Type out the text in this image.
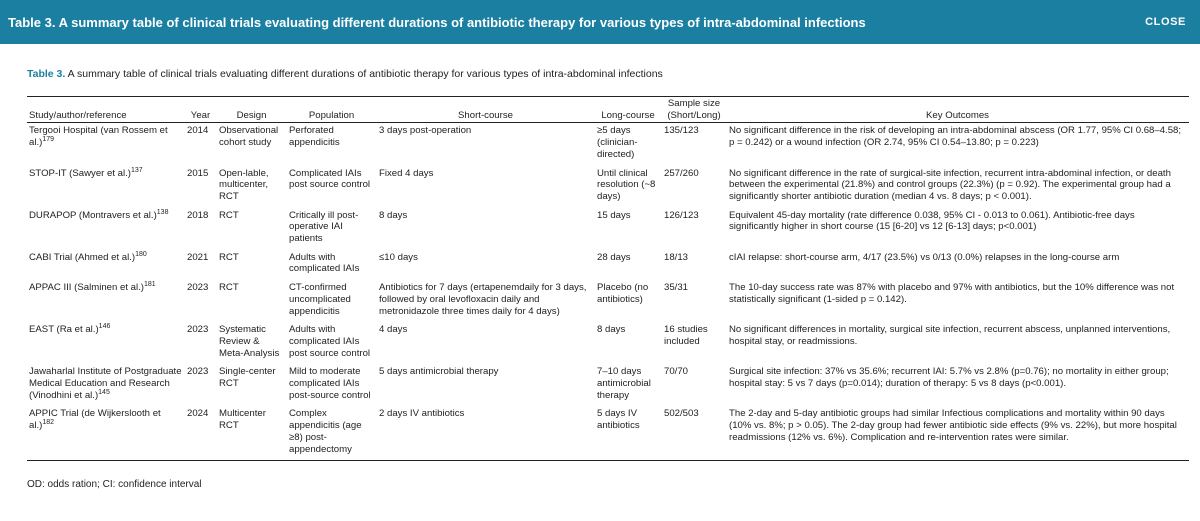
Table 3. A summary table of clinical trials evaluating different durations of antibiotic therapy for various types of intra-abdominal infections	CLOSE

Table 3. A summary table of clinical trials evaluating different durations of antibiotic therapy for various types of intra-abdominal infections

Study/author/reference	Year	Design	Population	Short-course	Long-course	Sample size (Short/Long)	Key Outcomes
Tergooi Hospital (van Rossem et al.)$^{179}$	2014	Observational cohort study	Perforated appendicitis	3 days post-operation	≥5 days (clinician-directed)	135/123	No significant difference in the risk of developing an intra-abdominal abscess (OR 1.77, 95% CI 0.68–4.58; p = 0.242) or a wound infection (OR 2.74, 95% CI 0.54–13.80; p = 0.223)
STOP-IT (Sawyer et al.)$^{137}$	2015	Open-lable, multicenter, RCT	Complicated IAIs post source control	Fixed 4 days	Until clinical resolution (~8 days)	257/260	No significant difference in the rate of surgical-site infection, recurrent intra-abdominal infection, or death between the experimental (21.8%) and control groups (22.3%) (p = 0.92). The experimental group had a significantly shorter antibiotic duration (median 4 vs. 8 days; p < 0.001).
DURAPOP (Montravers et al.)$^{138}$	2018	RCT	Critically ill post-operative IAI patients	8 days	15 days	126/123	Equivalent 45-day mortality (rate difference 0.038, 95% CI - 0.013 to 0.061). Antibiotic-free days significantly higher in short course (15 [6-20] vs 12 [6-13] days; p<0.001)
CABI Trial (Ahmed et al.)$^{180}$	2021	RCT	Adults with complicated IAIs	≤10 days	28 days	18/13	cIAI relapse: short-course arm, 4/17 (23.5%) vs 0/13 (0.0%) relapses in the long-course arm
APPAC III (Salminen et al.)$^{181}$	2023	RCT	CT-confirmed uncomplicated appendicitis	Antibiotics for 7 days (ertapenemdaily for 3 days, followed by oral levofloxacin daily and metronidazole three times daily for 4 days)	Placebo (no antibiotics)	35/31	The 10-day success rate was 87% with placebo and 97% with antibiotics, but the 10% difference was not statistically significant (1-sided p = 0.142).
EAST (Ra et al.)$^{146}$	2023	Systematic Review & Meta-Analysis	Adults with complicated IAIs post source control	4 days	8 days	16 studies included	No significant differences in mortality, surgical site infection, recurrent abscess, unplanned interventions, hospital stay, or readmissions.
Jawaharlal Institute of Postgraduate Medical Education and Research (Vinodhini et al.)$^{145}$	2023	Single-center RCT	Mild to moderate complicated IAIs post-source control	5 days antimicrobial therapy	7–10 days antimicrobial therapy	70/70	Surgical site infection: 37% vs 35.6%; recurrent IAI: 5.7% vs 2.8% (p=0.76); no mortality in either group; hospital stay: 5 vs 7 days (p=0.014); duration of therapy: 5 vs 8 days (p<0.001).
APPIC Trial (de Wijkerslooth et al.)$^{182}$	2024	Multicenter RCT	Complex appendicitis (age ≥8) post-appendectomy	2 days IV antibiotics	5 days IV antibiotics	502/503	The 2-day and 5-day antibiotic groups had similar Infectious complications and mortality within 90 days (10% vs. 8%; p > 0.05). The 2-day group had fewer antibiotic side effects (9% vs. 22%), but more hospital readmissions (12% vs. 6%). Complication and re-intervention rates were similar.
OD: odds ration; CI: confidence interval
